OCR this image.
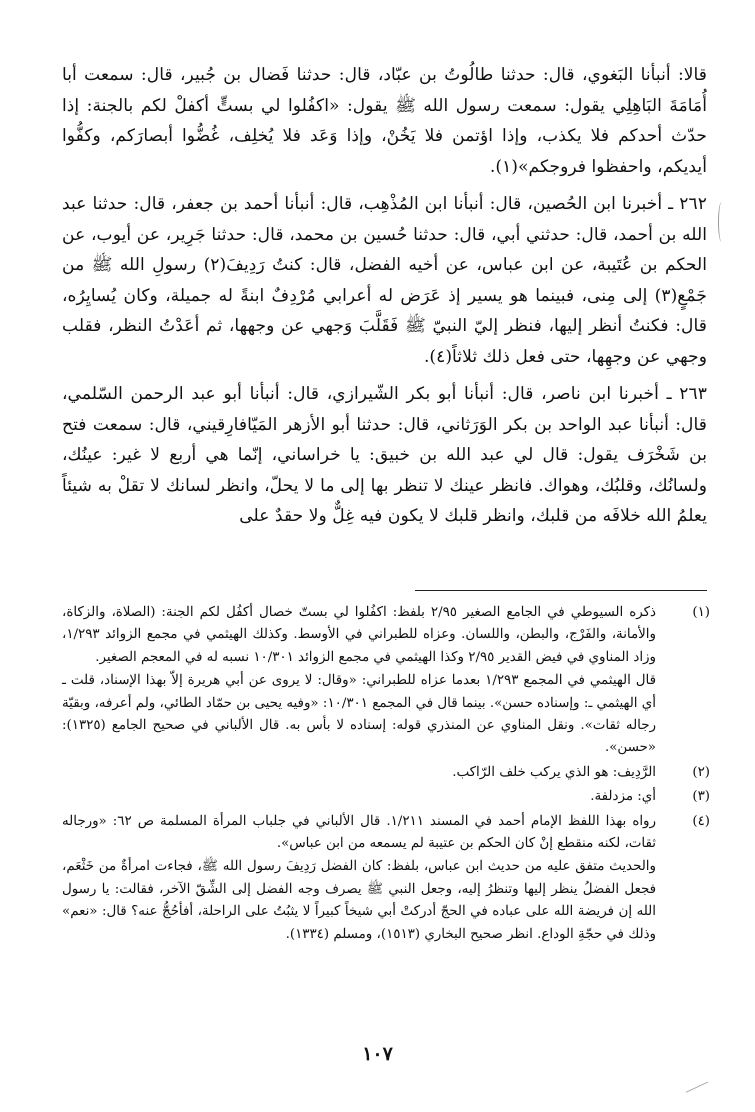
قالا: أنبأنا البَغوي، قال: حدثنا طالُوتُ بن عبّاد، قال: حدثنا فَضال بن جُبير، قال: سمعت أبا أُمَامَةَ البَاهِلِي يقول: سمعت رسول الله ﷺ يقول: «اكفُلوا لي بستٍّ أكفلْ لكم بالجنة: إذا حدّث أحدكم فلا يكذب، وإذا اؤتمن فلا يَخُنْ، وإذا وَعَد فلا يُخلِف، غُضُّوا أبصارَكم، وكفُّوا أيديكم، واحفظوا فروجكم»(١).

٢٦٢ ـ أخبرنا ابن الحُصين، قال: أنبأنا ابن المُذْهِب، قال: أنبأنا أحمد بن جعفر، قال: حدثنا عبد الله بن أحمد، قال: حدثني أبي، قال: حدثنا حُسين بن محمد، قال: حدثنا جَرِير، عن أيوب، عن الحكم بن عُتَيبة، عن ابن عباس، عن أخيه الفضل، قال: كنتُ رَدِيفَ(٢) رسولِ الله ﷺ من جَمْعٍ(٣) إلى مِنى، فبينما هو يسير إذ عَرَض له أعرابي مُرْدِفٌ ابنةً له جميلة، وكان يُسايِرُه، قال: فكنتُ أنظر إليها، فنظر إليّ النبيّ ﷺ فَقَلَّبَ وَجهي عن وجهها، ثم أعَدْتُ النظر، فقلب وجهي عن وجهِها، حتى فعل ذلك ثلاثاً(٤).

٢٦٣ ـ أخبرنا ابن ناصر، قال: أنبأنا أبو بكر الشّيرازي، قال: أنبأنا أبو عبد الرحمن السّلمي، قال: أنبأنا عبد الواحد بن بكر الوَرَثاني، قال: حدثنا أبو الأزهر المَيّافارِقيني، قال: سمعت فتح بن شَخْرَف يقول: قال لي عبد الله بن خبيق: يا خراساني، إنّما هي أربع لا غير: عينُك، ولسانُك، وقلبُك، وهواك. فانظر عينك لا تنظر بها إلى ما لا يحلّ، وانظر لسانك لا تقلْ به شيئاً يعلمُ الله خلافَه من قلبك، وانظر قلبك لا يكون فيه غِلٌّ ولا حقدٌ على

(١)

ذكره السيوطي في الجامع الصغير ٢/٩٥ بلفظ: اكفُلوا لي بستّ خصال أكفُل لكم الجنة: (الصلاة، والزكاة، والأمانة، والفَرْج، والبطن، واللسان. وعزاه للطبراني في الأوسط. وكذلك الهيثمي في مجمع الزوائد ١/٢٩٣، وزاد المناوي في فيض القدير ٢/٩٥ وكذا الهيثمي في مجمع الزوائد ١٠/٣٠١ نسبه له في المعجم الصغير.

قال الهيثمي في المجمع ١/٢٩٣ بعدما عزاه للطبراني: «وقال: لا يروى عن أبي هريرة إلاّ بهذا الإسناد، قلت ـ أي الهيثمي ـ: وإسناده حسن». بينما قال في المجمع ١٠/٣٠١: «وفيه يحيى بن حمّاد الطائي، ولم أعرفه، وبقيّة رجاله ثقات». ونقل المناوي عن المنذري قوله: إسناده لا بأس به. قال الألباني في صحيح الجامع (١٣٢٥): «حسن».

(٢)

الرَّدِيف: هو الذي يركب خلف الرّاكب.

(٣)

أي: مزدلفة.

(٤)

رواه بهذا اللفظ الإمام أحمد في المسند ١/٢١١. قال الألباني في جلباب المرأة المسلمة ص ٦٢: «ورجاله ثقات، لكنه منقطع إنْ كان الحكم بن عتيبة لم يسمعه من ابن عباس».

والحديث متفق عليه من حديث ابن عباس، بلفظ: كان الفضل رَدِيفَ رسول الله ﷺ، فجاءت امرأةٌ من خَثْعَم، فجعل الفضلُ ينظر إليها وتنظرُ إليه، وجعل النبي ﷺ يصرف وجه الفضل إلى الشِّقّ الآخر، فقالت: يا رسول الله إن فريضة الله على عباده في الحجّ أدركتْ أبي شيخاً كبيراً لا يثبُتُ على الراحلة، أفأحُجُّ عنه؟ قال: «نعم» وذلك في حجّةِ الوداع. انظر صحيح البخاري (١٥١٣)، ومسلم (١٣٣٤).

١٠٧
